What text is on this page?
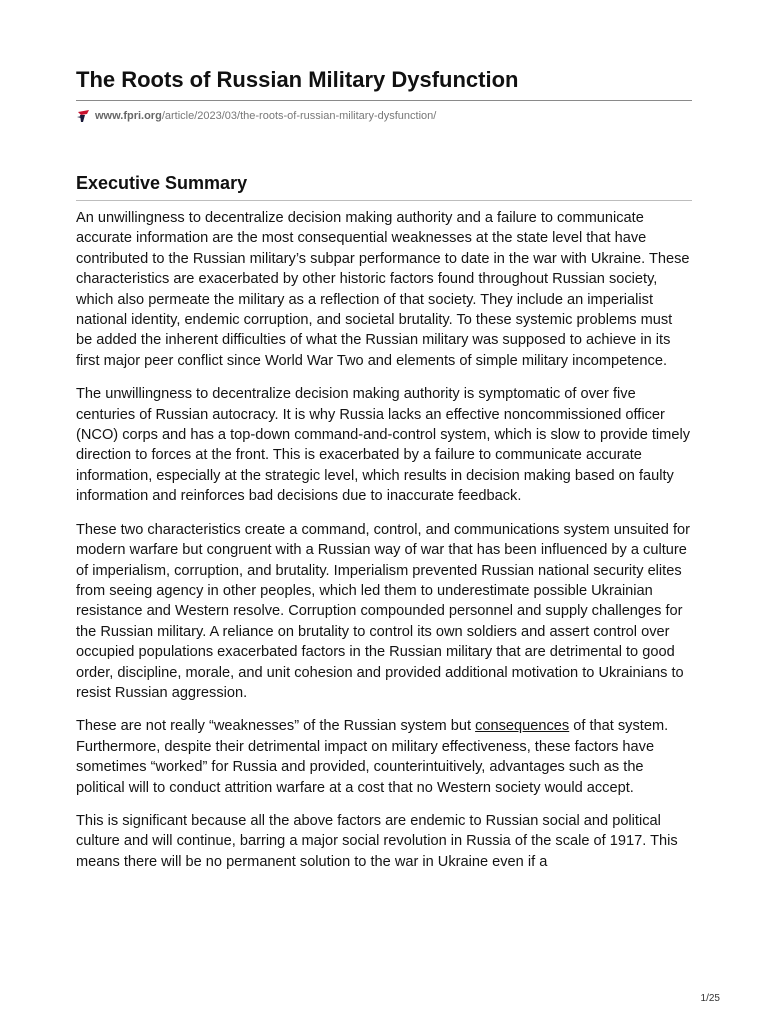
The Roots of Russian Military Dysfunction
www.fpri.org/article/2023/03/the-roots-of-russian-military-dysfunction/
Executive Summary

An unwillingness to decentralize decision making authority and a failure to communicate accurate information are the most consequential weaknesses at the state level that have contributed to the Russian military’s subpar performance to date in the war with Ukraine. These characteristics are exacerbated by other historic factors found throughout Russian society, which also permeate the military as a reflection of that society. They include an imperialist national identity, endemic corruption, and societal brutality. To these systemic problems must be added the inherent difficulties of what the Russian military was supposed to achieve in its first major peer conflict since World War Two and elements of simple military incompetence.

The unwillingness to decentralize decision making authority is symptomatic of over five centuries of Russian autocracy. It is why Russia lacks an effective noncommissioned officer (NCO) corps and has a top-down command-and-control system, which is slow to provide timely direction to forces at the front. This is exacerbated by a failure to communicate accurate information, especially at the strategic level, which results in decision making based on faulty information and reinforces bad decisions due to inaccurate feedback.

These two characteristics create a command, control, and communications system unsuited for modern warfare but congruent with a Russian way of war that has been influenced by a culture of imperialism, corruption, and brutality. Imperialism prevented Russian national security elites from seeing agency in other peoples, which led them to underestimate possible Ukrainian resistance and Western resolve. Corruption compounded personnel and supply challenges for the Russian military. A reliance on brutality to control its own soldiers and assert control over occupied populations exacerbated factors in the Russian military that are detrimental to good order, discipline, morale, and unit cohesion and provided additional motivation to Ukrainians to resist Russian aggression.

These are not really “weaknesses” of the Russian system but consequences of that system. Furthermore, despite their detrimental impact on military effectiveness, these factors have sometimes “worked” for Russia and provided, counterintuitively, advantages such as the political will to conduct attrition warfare at a cost that no Western society would accept.

This is significant because all the above factors are endemic to Russian social and political culture and will continue, barring a major social revolution in Russia of the scale of 1917. This means there will be no permanent solution to the war in Ukraine even if a

1/25
